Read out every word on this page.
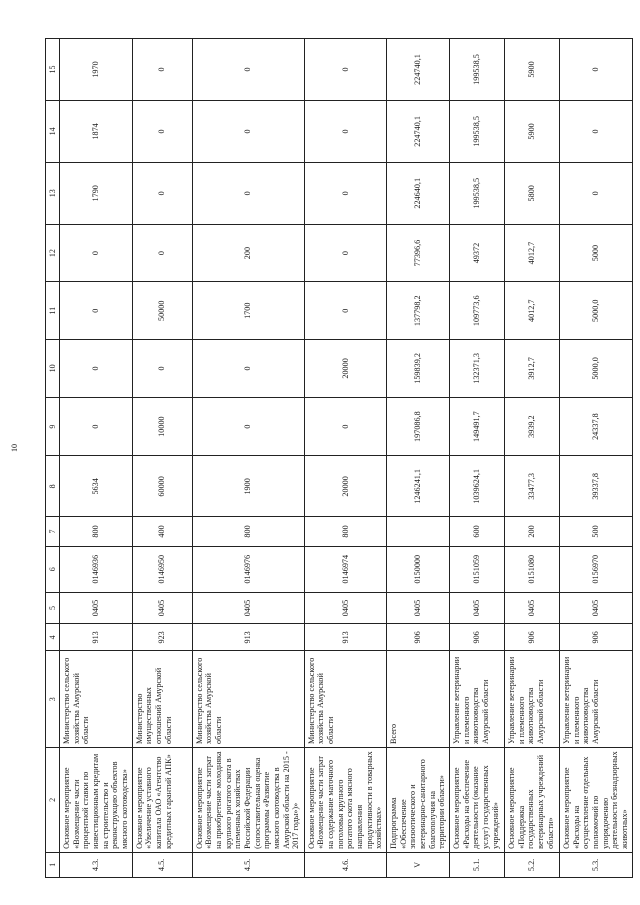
10
1	2	3	4	5	6	7	8	9	10	11	12	13	14	15
4.3.	Основное мероприятие «Возмещение части процентной ставки по инвестиционным кредитам на строительство и реконструкцию объектов мясного скотоводства»	Министерство сельского хозяйства Амурской области	913	0405	0146936	800	5634	0	0	0	0	1790	1874	1970
4.5.	Основное мероприятие «Увеличение уставного капитала ОАО «Агентство кредитных гарантий АПК»	Министерство имущественных отношений Амурской области	923	0405	0146950	400	60000	10000	0	50000	0	0	0	0
4.5.	Основное мероприятие «Возмещение части затрат на приобретение молодняка крупного рогатого скота в племенных хозяйствах Российской Федерации (сопоставительная оценка программы «Развитие мясного скотоводства в Амурской области на 2015 - 2017 годы»)»	Министерство сельского хозяйства Амурской области	913	0405	0146976	800	1900	0	0	1700	200	0	0	0
4.6.	Основное мероприятие «Возмещение части затрат на содержание маточного поголовья крупного рогатого скота мясного направления продуктивности в товарных хозяйствах»	Министерство сельского хозяйства Амурской области	913	0405	0146974	800	20000	0	20000	0	0	0	0	0
V	Подпрограмма «Обеспечение эпизоотического и ветеринарно-санитарного благополучия на территории области»	Всего	906	0405	0150000		1246241,1	197086,8	159839,2	137798,2	77396,6	224640,1	224740,1	224740,1
5.1.	Основное мероприятие «Расходы на обеспечение деятельности (оказание услуг) государственных учреждений»	Управление ветеринарии и племенного животноводства Амурской области	906	0405	0151059	600	1039624,1	149491,7	132371,3	109773,6	49372	199538,5	199538,5	199538,5
5.2.	Основное мероприятие «Поддержка государственных ветеринарных учреждений области»	Управление ветеринарии и племенного животноводства Амурской области	906	0405	0151080	200	33477,3	3939,2	3912,7	4012,7	4012,7	5800	5900	5900
5.3.	Основное мероприятие «Расходы на осуществление отдельных полномочий по упорядочению деятельности безнадзорных животных»	Управление ветеринарии и племенного животноводства Амурской области	906	0405	0156970	500	39337,8	24337,8	5000,0	5000,0	5000	0	0	0
